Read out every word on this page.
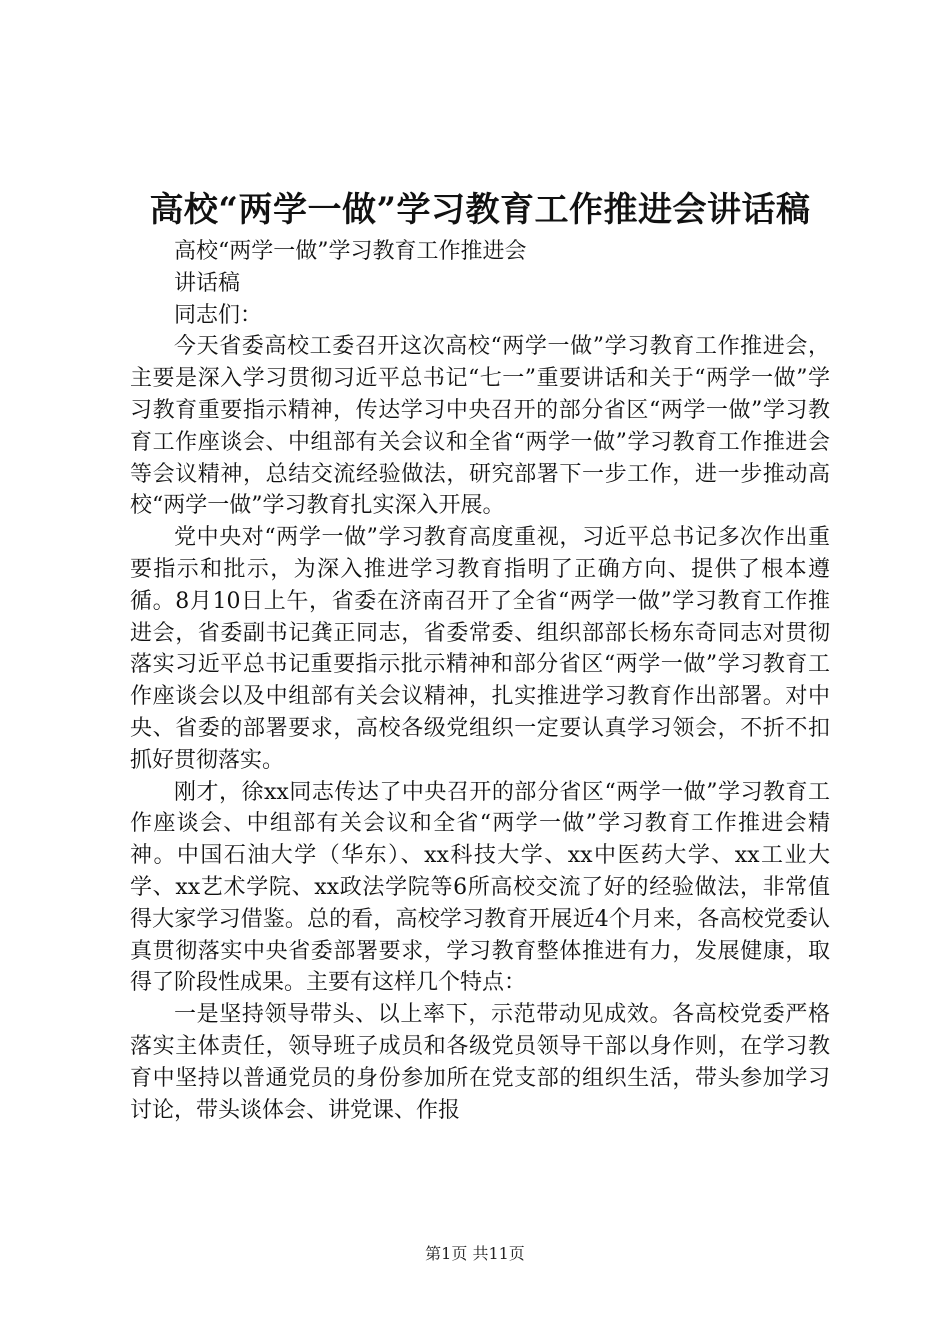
高校“两学一做”学习教育工作推进会讲话稿

高校“两学一做”学习教育工作推进会

讲话稿

同志们：

今天省委高校工委召开这次高校“两学一做”学习教育工作推进会，主要是深入学习贯彻习近平总书记“七一”重要讲话和关于“两学一做”学习教育重要指示精神，传达学习中央召开的部分省区“两学一做”学习教育工作座谈会、中组部有关会议和全省“两学一做”学习教育工作推进会等会议精神，总结交流经验做法，研究部署下一步工作，进一步推动高校“两学一做”学习教育扎实深入开展。

党中央对“两学一做”学习教育高度重视，习近平总书记多次作出重要指示和批示，为深入推进学习教育指明了正确方向、提供了根本遵循。8月10日上午，省委在济南召开了全省“两学一做”学习教育工作推进会，省委副书记龚正同志，省委常委、组织部部长杨东奇同志对贯彻落实习近平总书记重要指示批示精神和部分省区“两学一做”学习教育工作座谈会以及中组部有关会议精神，扎实推进学习教育作出部署。对中央、省委的部署要求，高校各级党组织一定要认真学习领会，不折不扣抓好贯彻落实。

刚才，徐xx同志传达了中央召开的部分省区“两学一做”学习教育工作座谈会、中组部有关会议和全省“两学一做”学习教育工作推进会精神。中国石油大学（华东）、xx科技大学、xx中医药大学、xx工业大学、xx艺术学院、xx政法学院等6所高校交流了好的经验做法，非常值得大家学习借鉴。总的看，高校学习教育开展近4个月来，各高校党委认真贯彻落实中央省委部署要求，学习教育整体推进有力，发展健康，取得了阶段性成果。主要有这样几个特点：

一是坚持领导带头、以上率下，示范带动见成效。各高校党委严格落实主体责任，领导班子成员和各级党员领导干部以身作则，在学习教育中坚持以普通党员的身份参加所在党支部的组织生活，带头参加学习讨论，带头谈体会、讲党课、作报

第1页 共11页
